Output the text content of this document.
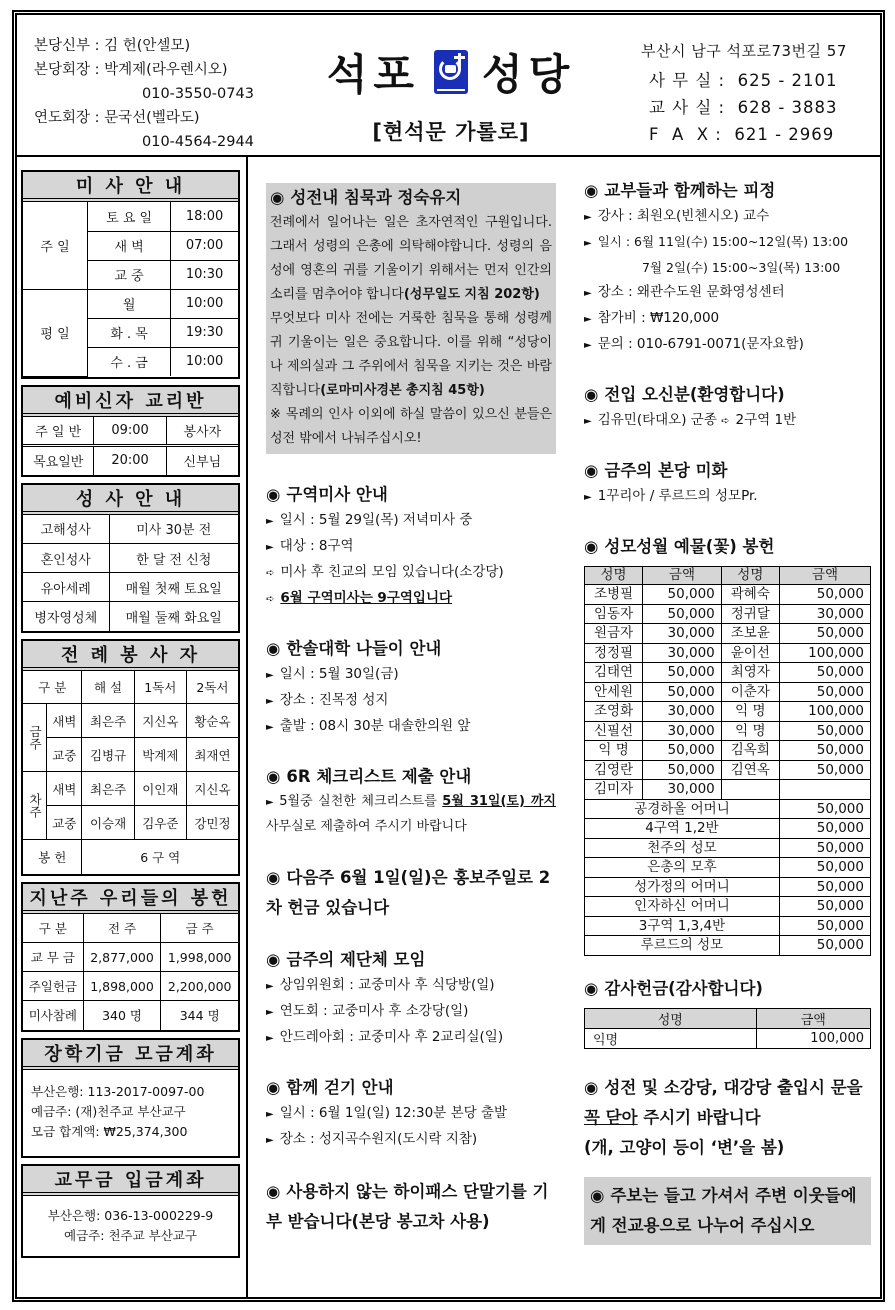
본당신부 : 김 헌(안셀모)
본당회장 : 박계제(라우렌시오)
010-3550-0743
연도회장 : 문국선(벨라도)
010-4564-2944
석포 성당
[현석문 가롤로]
부산시 남구 석포로73번길 57
사 무 실 :  625 - 2101
교 사 실 :  628 - 3883
F  A  X :  621 - 2969
미 사 안 내
주 일	토 요 일	18:00
	새 벽	07:00
	교 중	10:30
평 일	월	10:00
	화 . 목	19:30
	수 . 금	10:00
예비신자 교리반
주 일 반	09:00	봉사자
목요일반	20:00	신부님
성 사 안 내
고해성사	미사 30분 전
혼인성사	한 달 전 신청
유아세례	매월 첫째 토요일
병자영성체	매월 둘째 화요일
전 례 봉 사 자
구 분		해 설	1독서	2독서
금주	새벽	최은주	지신옥	황순옥
	교중	김병규	박계제	최재연
차주	새벽	최은주	이인재	지신옥
	교중	이승재	김우준	강민정
봉 헌		6 구 역		
지난주 우리들의 봉헌
구 분	전 주	금 주
교 무 금	2,877,000	1,998,000
주일헌금	1,898,000	2,200,000
미사참례	340 명	344 명
장학기금 모금계좌
부산은행: 113-2017-0097-00
예금주: (재)천주교 부산교구
모금 합계액: ₩25,374,300
교무금 입금계좌
부산은행: 036-13-000229-9
예금주: 천주교 부산교구
◉ 성전내 침묵과 정숙유지
전례에서 일어나는 일은 초자연적인 구원입니다. 그래서 성령의 은총에 의탁해야합니다. 성령의 음성에 영혼의 귀를 기울이기 위해서는 먼저 인간의 소리를 멈추어야 합니다(성무일도 지침 202항)
무엇보다 미사 전에는 거룩한 침묵을 통해 성령께 귀 기울이는 일은 중요합니다. 이를 위해 “성당이나 제의실과 그 주위에서 침묵을 지키는 것은 바람직합니다(로마미사경본 총지침 45항)
※ 목례의 인사 이외에 하실 말씀이 있으신 분들은 성전 밖에서 나눠주십시오!
◉ 구역미사 안내
► 일시 : 5월 29일(목) 저녁미사 중
► 대상 : 8구역
➪ 미사 후 친교의 모임 있습니다(소강당)
➪ 6월 구역미사는 9구역입니다
◉ 한솔대학 나들이 안내
► 일시 : 5월 30일(금)
► 장소 : 진목정 성지
► 출발 : 08시 30분 대솔한의원 앞
◉ 6R 체크리스트 제출 안내
► 5월중 실천한 체크리스트를 5월 31일(토) 까지 사무실로 제출하여 주시기 바랍니다
◉ 다음주 6월 1일(일)은 홍보주일로 2차 헌금 있습니다
◉ 금주의 제단체 모임
► 상임위원회 : 교중미사 후 식당방(일)
► 연도회 : 교중미사 후 소강당(일)
► 안드레아회 : 교중미사 후 2교리실(일)
◉ 함께 걷기 안내
► 일시 : 6월 1일(일) 12:30분 본당 출발
► 장소 : 성지곡수원지(도시락 지참)
◉ 사용하지 않는 하이패스 단말기를 기부 받습니다(본당 봉고차 사용)
◉ 교부들과 함께하는 피정
► 강사 : 최원오(빈첸시오) 교수
► 일시 : 6월 11일(수) 15:00~12일(목) 13:00
7월 2일(수) 15:00~3일(목) 13:00
► 장소 : 왜관수도원 문화영성센터
► 참가비 : ₩120,000
► 문의 : 010-6791-0071(문자요함)
◉ 전입 오신분(환영합니다)
► 김유민(타대오) 군종 ➪ 2구역 1반
◉ 금주의 본당 미화
► 1꾸리아 / 루르드의 성모Pr.
◉ 성모성월 예물(꽃) 봉헌
성명	금액	성명	금액
조병필	50,000	곽혜숙	50,000
임동자	50,000	정귀달	30,000
원금자	30,000	조보윤	50,000
정정필	30,000	윤이선	100,000
김태연	50,000	최영자	50,000
안세원	50,000	이춘자	50,000
조영화	30,000	익 명	100,000
신필선	30,000	익 명	50,000
익 명	50,000	김옥희	50,000
김영란	50,000	김연옥	50,000
김미자	30,000		
공경하올 어머니			50,000
4구역 1,2반			50,000
천주의 성모			50,000
은총의 모후			50,000
성가정의 어머니			50,000
인자하신 어머니			50,000
3구역 1,3,4반			50,000
루르드의 성모			50,000
◉ 감사헌금(감사합니다)
성명	금액
익명	100,000
◉ 성전 및 소강당, 대강당 출입시 문을 꼭 닫아 주시기 바랍니다
(개, 고양이 등이 ‘변’을 봄)
◉ 주보는 들고 가셔서 주변 이웃들에게 전교용으로 나누어 주십시오
